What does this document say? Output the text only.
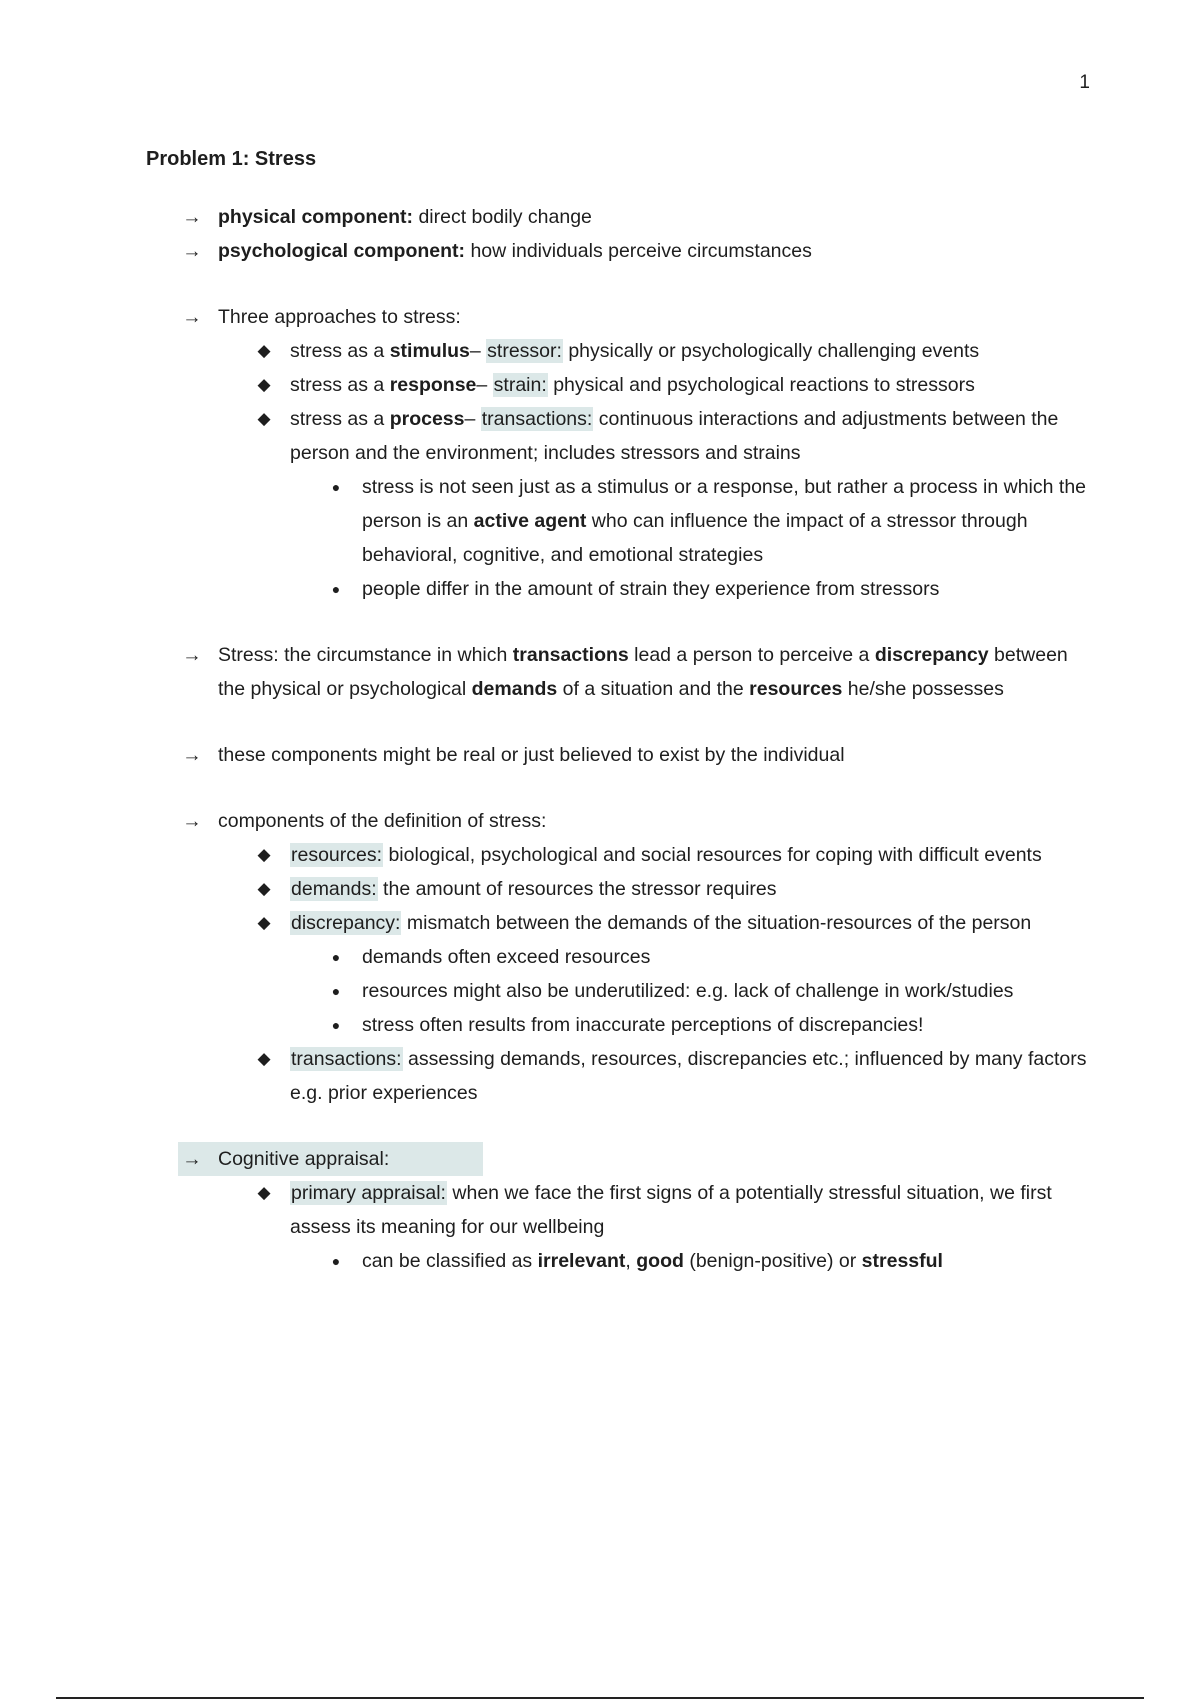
1
Problem 1: Stress
→ physical component: direct bodily change
→ psychological component: how individuals perceive circumstances
→ Three approaches to stress:
◆ stress as a stimulus– stressor: physically or psychologically challenging events
◆ stress as a response– strain: physical and psychological reactions to stressors
◆ stress as a process– transactions: continuous interactions and adjustments between the person and the environment; includes stressors and strains
●	stress is not seen just as a stimulus or a response, but rather a process in which the person is an active agent who can influence the impact of a stressor through behavioral, cognitive, and emotional strategies
●	people differ in the amount of strain they experience from stressors
→ Stress: the circumstance in which transactions lead a person to perceive a discrepancy between the physical or psychological demands of a situation and the resources he/she possesses
→ these components might be real or just believed to exist by the individual
→ components of the definition of stress:
◆ resources: biological, psychological and social resources for coping with difficult events
◆ demands: the amount of resources the stressor requires
◆ discrepancy: mismatch between the demands of the situation-resources of the person
●	demands often exceed resources
●	resources might also be underutilized: e.g. lack of challenge in work/studies
●	stress often results from inaccurate perceptions of discrepancies!
◆ transactions: assessing demands, resources, discrepancies etc.; influenced by many factors e.g. prior experiences
→ Cognitive appraisal:
◆ primary appraisal: when we face the first signs of a potentially stressful situation, we first assess its meaning for our wellbeing
●	can be classified as irrelevant, good (benign-positive) or stressful
